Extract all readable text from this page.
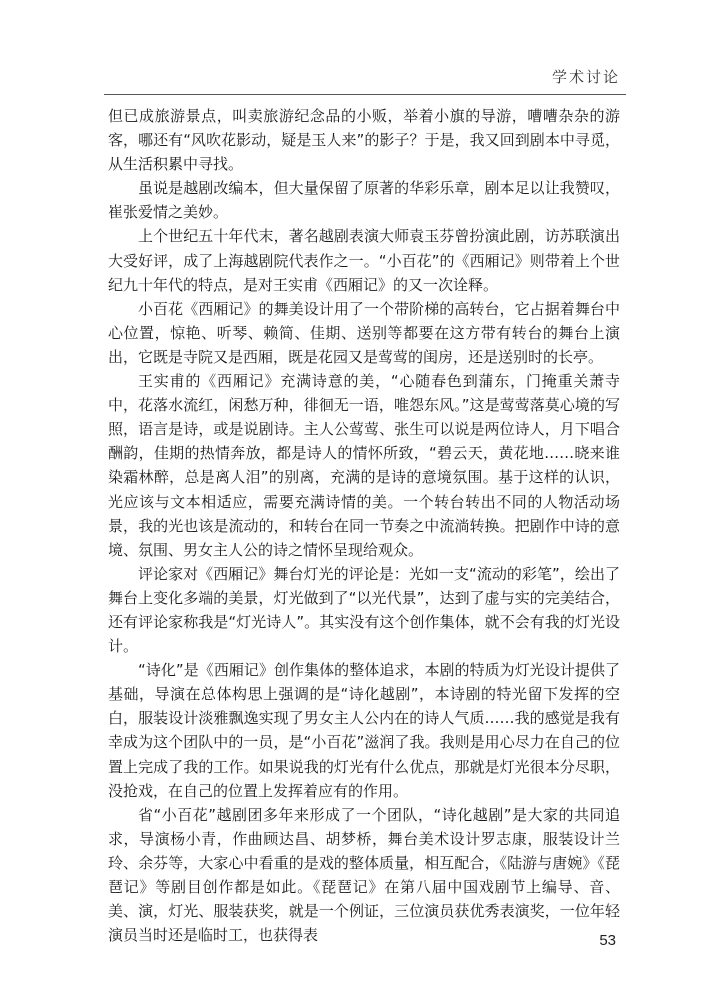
学术讨论

但已成旅游景点，叫卖旅游纪念品的小贩，举着小旗的导游，嘈嘈杂杂的游客，哪还有“风吹花影动，疑是玉人来”的影子？于是，我又回到剧本中寻觅，从生活积累中寻找。

虽说是越剧改编本，但大量保留了原著的华彩乐章，剧本足以让我赞叹，崔张爱情之美妙。

上个世纪五十年代末，著名越剧表演大师袁玉芬曾扮演此剧，访苏联演出大受好评，成了上海越剧院代表作之一。“小百花”的《西厢记》则带着上个世纪九十年代的特点，是对王实甫《西厢记》的又一次诠释。

小百花《西厢记》的舞美设计用了一个带阶梯的高转台，它占据着舞台中心位置，惊艳、听琴、赖简、佳期、送别等都要在这方带有转台的舞台上演出，它既是寺院又是西厢，既是花园又是莺莺的闺房，还是送别时的长亭。

王实甫的《西厢记》充满诗意的美，“心随春色到蒲东，门掩重关萧寺中，花落水流红，闲愁万种，徘徊无一语，唯怨东风。”这是莺莺落莫心境的写照，语言是诗，或是说剧诗。主人公莺莺、张生可以说是两位诗人，月下唱合酬韵，佳期的热情奔放，都是诗人的情怀所致，“碧云天，黄花地……晓来谁染霜林醉，总是离人泪”的别离，充满的是诗的意境氛围。基于这样的认识，光应该与文本相适应，需要充满诗情的美。一个转台转出不同的人物活动场景，我的光也该是流动的，和转台在同一节奏之中流淌转换。把剧作中诗的意境、氛围、男女主人公的诗之情怀呈现给观众。

评论家对《西厢记》舞台灯光的评论是：光如一支“流动的彩笔”，绘出了舞台上变化多端的美景，灯光做到了“以光代景”，达到了虚与实的完美结合，还有评论家称我是“灯光诗人”。其实没有这个创作集体，就不会有我的灯光设计。

“诗化”是《西厢记》创作集体的整体追求，本剧的特质为灯光设计提供了基础，导演在总体构思上强调的是“诗化越剧”，本诗剧的特光留下发挥的空白，服装设计淡雅飘逸实现了男女主人公内在的诗人气质……我的感觉是我有幸成为这个团队中的一员，是“小百花”滋润了我。我则是用心尽力在自己的位置上完成了我的工作。如果说我的灯光有什么优点，那就是灯光很本分尽职，没抢戏，在自己的位置上发挥着应有的作用。

省“小百花”越剧团多年来形成了一个团队，“诗化越剧”是大家的共同追求，导演杨小青，作曲顾达昌、胡梦桥，舞台美术设计罗志康，服装设计兰玲、余芬等，大家心中看重的是戏的整体质量，相互配合，《陆游与唐婉》《琵琶记》等剧目创作都是如此。《琵琶记》在第八届中国戏剧节上编导、音、美、演，灯光、服装获奖，就是一个例证，三位演员获优秀表演奖，一位年轻演员当时还是临时工，也获得表	53
